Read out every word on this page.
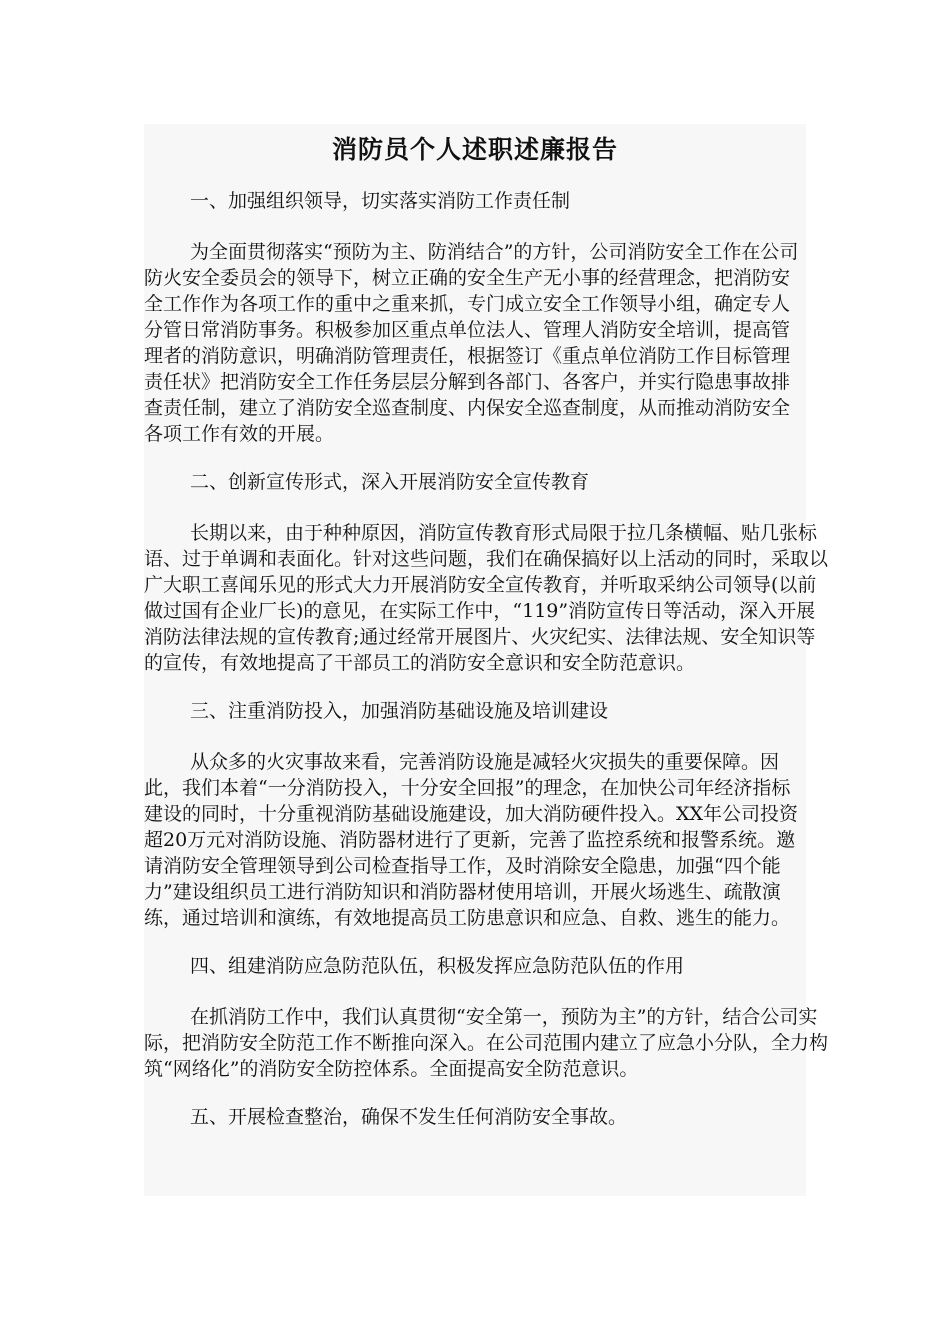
消防员个人述职述廉报告
一、加强组织领导，切实落实消防工作责任制

为全面贯彻落实“预防为主、防消结合”的方针，公司消防安全工作在公司防火安全委员会的领导下，树立正确的安全生产无小事的经营理念，把消防安全工作作为各项工作的重中之重来抓，专门成立安全工作领导小组，确定专人分管日常消防事务。积极参加区重点单位法人、管理人消防安全培训，提高管理者的消防意识，明确消防管理责任，根据签订《重点单位消防工作目标管理责任状》把消防安全工作任务层层分解到各部门、各客户，并实行隐患事故排查责任制，建立了消防安全巡查制度、内保安全巡查制度，从而推动消防安全各项工作有效的开展。

二、创新宣传形式，深入开展消防安全宣传教育

长期以来，由于种种原因，消防宣传教育形式局限于拉几条横幅、贴几张标语、过于单调和表面化。针对这些问题，我们在确保搞好以上活动的同时，采取以广大职工喜闻乐见的形式大力开展消防安全宣传教育，并听取采纳公司领导(以前做过国有企业厂长)的意见，在实际工作中，“119”消防宣传日等活动，深入开展消防法律法规的宣传教育;通过经常开展图片、火灾纪实、法律法规、安全知识等的宣传，有效地提高了干部员工的消防安全意识和安全防范意识。

三、注重消防投入，加强消防基础设施及培训建设

从众多的火灾事故来看，完善消防设施是减轻火灾损失的重要保障。因此，我们本着“一分消防投入，十分安全回报”的理念，在加快公司年经济指标建设的同时，十分重视消防基础设施建设，加大消防硬件投入。XX年公司投资超20万元对消防设施、消防器材进行了更新，完善了监控系统和报警系统。邀请消防安全管理领导到公司检查指导工作，及时消除安全隐患，加强“四个能力”建设组织员工进行消防知识和消防器材使用培训，开展火场逃生、疏散演练，通过培训和演练，有效地提高员工防患意识和应急、自救、逃生的能力。

四、组建消防应急防范队伍，积极发挥应急防范队伍的作用

在抓消防工作中，我们认真贯彻“安全第一，预防为主”的方针，结合公司实际，把消防安全防范工作不断推向深入。在公司范围内建立了应急小分队，全力构筑“网络化”的消防安全防控体系。全面提高安全防范意识。

五、开展检查整治，确保不发生任何消防安全事故。
